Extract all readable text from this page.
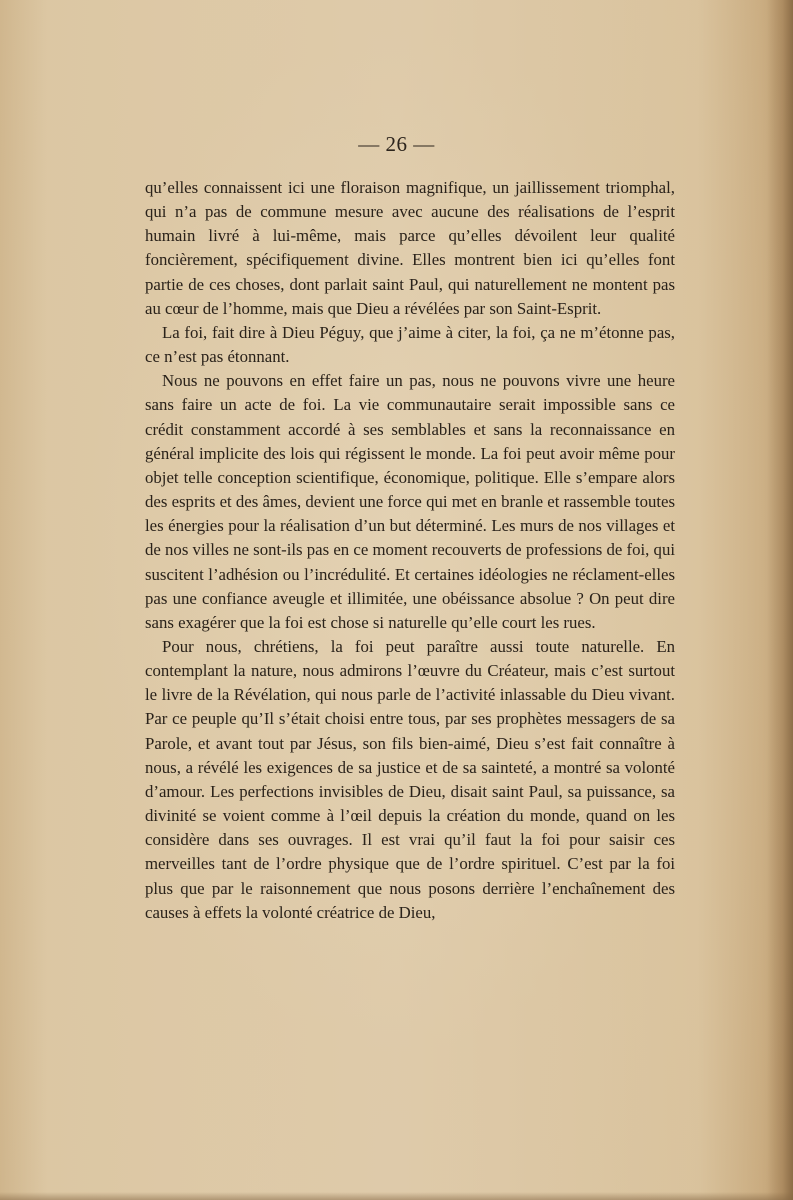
— 26 —

qu’elles connaissent ici une floraison magnifique, un jaillissement triomphal, qui n’a pas de commune mesure avec aucune des réalisations de l’esprit humain livré à lui-même, mais parce qu’elles dévoilent leur qualité foncièrement, spécifiquement divine. Elles montrent bien ici qu’elles font partie de ces choses, dont parlait saint Paul, qui naturellement ne montent pas au cœur de l’homme, mais que Dieu a révélées par son Saint-Esprit.

La foi, fait dire à Dieu Péguy, que j’aime à citer, la foi, ça ne m’étonne pas, ce n’est pas étonnant.

Nous ne pouvons en effet faire un pas, nous ne pouvons vivre une heure sans faire un acte de foi. La vie communautaire serait impossible sans ce crédit constamment accordé à ses semblables et sans la reconnaissance en général implicite des lois qui régissent le monde. La foi peut avoir même pour objet telle conception scientifique, économique, politique. Elle s’empare alors des esprits et des âmes, devient une force qui met en branle et rassemble toutes les énergies pour la réalisation d’un but déterminé. Les murs de nos villages et de nos villes ne sont-ils pas en ce moment recouverts de professions de foi, qui suscitent l’adhésion ou l’incrédulité. Et certaines idéologies ne réclament-elles pas une confiance aveugle et illimitée, une obéissance absolue ? On peut dire sans exagérer que la foi est chose si naturelle qu’elle court les rues.

Pour nous, chrétiens, la foi peut paraître aussi toute naturelle. En contemplant la nature, nous admirons l’œuvre du Créateur, mais c’est surtout le livre de la Révélation, qui nous parle de l’activité inlassable du Dieu vivant. Par ce peuple qu’Il s’était choisi entre tous, par ses prophètes messagers de sa Parole, et avant tout par Jésus, son fils bien-aimé, Dieu s’est fait connaître à nous, a révélé les exigences de sa justice et de sa sainteté, a montré sa volonté d’amour. Les perfections invisibles de Dieu, disait saint Paul, sa puissance, sa divinité se voient comme à l’œil depuis la création du monde, quand on les considère dans ses ouvrages. Il est vrai qu’il faut la foi pour saisir ces merveilles tant de l’ordre physique que de l’ordre spirituel. C’est par la foi plus que par le raisonnement que nous posons derrière l’enchaînement des causes à effets la volonté créatrice de Dieu,
